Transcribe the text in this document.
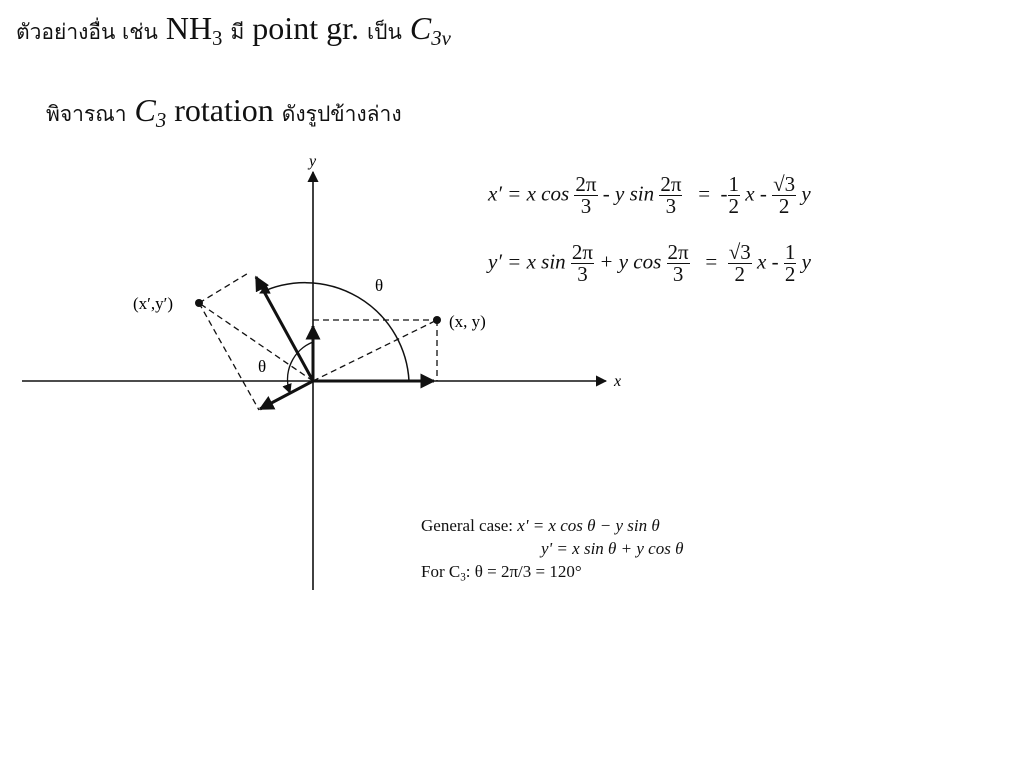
ตัวอย่างอื่น เช่น $NH_3$ มี point gr. เป็น $C_{3v}$
พิจารณา $C_3$ rotation ดังรูปข้างล่าง
x′ = x $\cos \frac{2\pi}{3}$ - y $\sin \frac{2\pi}{3}$ = - $\frac{1}{2}$ x - $\frac{√3}{2}$ y
y′ = x $\sin \frac{2\pi}{3} + y$ $\cos \frac{2\pi}{3} = \frac{√3}{2}$ x - $\frac{1}{2}$ y
y
x
(x, y)
(x′,y′)
θ
θ
General case: x' = x cos θ − y sin θ
y' = x sin θ + y cos θ
For $C_3$: θ = 2π/3 = 120°
